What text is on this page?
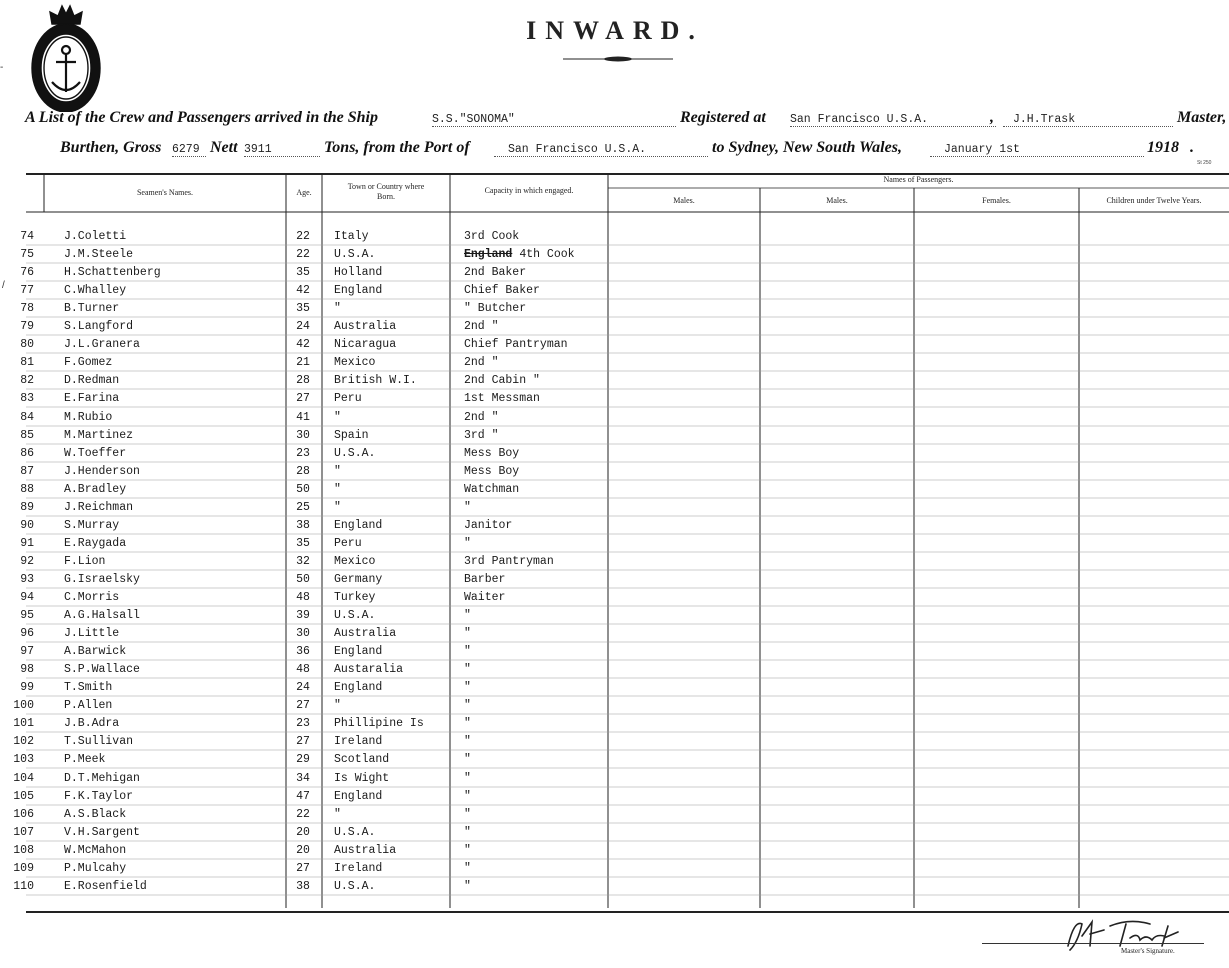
INWARD.
A List of the Crew and Passengers arrived in the Ship	S.S."SONOMA"	Registered at San Francisco U.S.A.	,	J.H.Trask	Master,
Burthen, Gross 6279 Nett 3911	Tons, from the Port of	San Francisco U.S.A.	to Sydney, New South Wales,	January 1st	1918 .
St 250
Seamen's Names.	Age.
Town or Country where Born.
Capacity in which engaged.
Names of Passengers.
Males.	Males.	Females.	Children under Twelve Years.
74	J.Coletti	22	Italy	3rd Cook
75	J.M.Steele	22	U.S.A.	England 4th Cook
76	H.Schattenberg	35	Holland	2nd Baker
77	C.Whalley	42	England	Chief Baker
78	B.Turner	35	"	" Butcher
79	S.Langford	24	Australia	2nd "
80	J.L.Granera	42	Nicaragua	Chief Pantryman
81	F.Gomez	21	Mexico	2nd "
82	D.Redman	28	British W.I.	2nd Cabin "
83	E.Farina	27	Peru	1st Messman
84	M.Rubio	41	"	2nd "
85	M.Martinez	30	Spain	3rd "
86	W.Toeffer	23	U.S.A.	Mess Boy
87	J.Henderson	28	"	Mess Boy
88	A.Bradley	50	"	Watchman
89	J.Reichman	25	"	"
90	S.Murray	38	England	Janitor
91	E.Raygada	35	Peru	"
92	F.Lion	32	Mexico	3rd Pantryman
93	G.Israelsky	50	Germany	Barber
94	C.Morris	48	Turkey	Waiter
95	A.G.Halsall	39	U.S.A.	"
96	J.Little	30	Australia	"
97	A.Barwick	36	England	"
98	S.P.Wallace	48	Austaralia	"
99	T.Smith	24	England	"
100	P.Allen	27	"	"
101	J.B.Adra	23	Phillipine Is	"
102	T.Sullivan	27	Ireland	"
103	P.Meek	29	Scotland	"
104	D.T.Mehigan	34	Is Wight	"
105	F.K.Taylor	47	England	"
106	A.S.Black	22	"	"
107	V.H.Sargent	20	U.S.A.	"
108	W.McMahon	20	Australia	"
109	P.Mulcahy	27	Ireland	"
110	E.Rosenfield	38	U.S.A.	"
-
/
Master's Signature.
